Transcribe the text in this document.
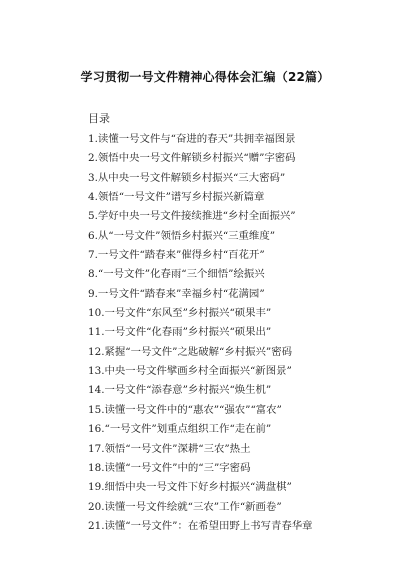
学习贯彻一号文件精神心得体会汇编（22篇）
目录
1.读懂一号文件与“奋进的春天”共拥幸福图景
2.领悟中央一号文件解锁乡村振兴“赠”字密码
3.从中央一号文件解锁乡村振兴“三大密码”
4.领悟“一号文件”谱写乡村振兴新篇章
5.学好中央一号文件接续推进“乡村全面振兴”
6.从“一号文件”领悟乡村振兴“三重维度”
7.一号文件“踏春来”催得乡村“百花开”
8.“一号文件”化春雨“三个细悟”绘振兴
9.一号文件“踏春来”幸福乡村“花满园”
10.一号文件“东风至”乡村振兴“硕果丰”
11.一号文件“化春雨”乡村振兴“硕果出”
12.紧握“一号文件”之匙破解“乡村振兴”密码
13.中央一号文件擘画乡村全面振兴“新图景”
14.一号文件“添春意”乡村振兴“焕生机”
15.读懂一号文件中的“惠农”“强农”“富农”
16.“一号文件”划重点组织工作“走在前”
17.领悟“一号文件”深耕“三农”热土
18.读懂“一号文件”中的“三”字密码
19.细悟中央一号文件下好乡村振兴“满盘棋”
20.读懂一号文件绘就“三农”工作“新画卷”
21.读懂“一号文件”：在希望田野上书写青春华章
